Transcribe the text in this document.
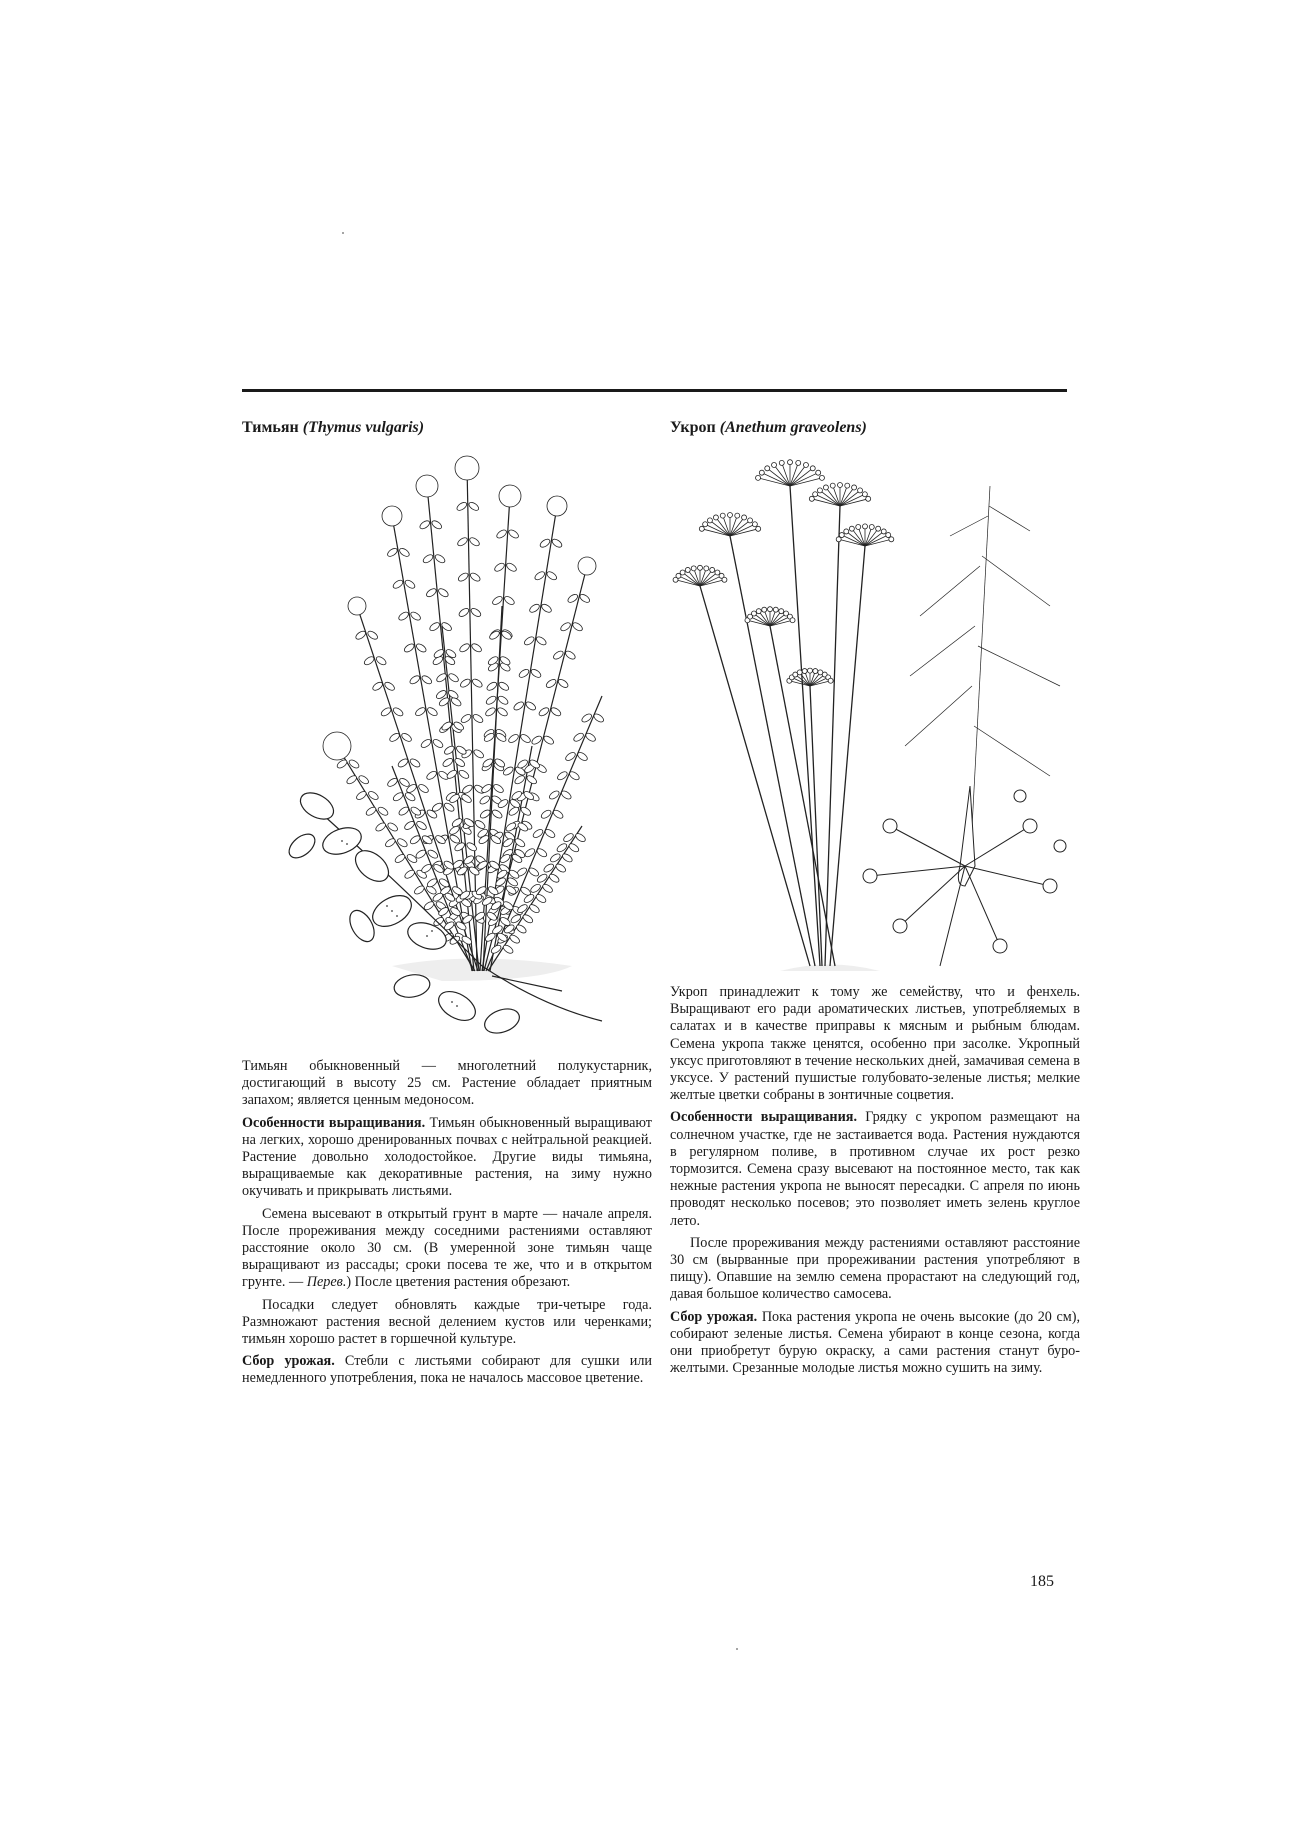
Тимьян (Thymus vulgaris)

Тимьян обыкновенный — многолетний полукустарник, достигающий в высоту 25 см. Растение обладает приятным запахом; является ценным медоносом.

Особенности выращивания. Тимьян обыкновенный выращивают на легких, хорошо дренированных почвах с нейтральной реакцией. Растение довольно холодостойкое. Другие виды тимьяна, выращиваемые как декоративные растения, на зиму нужно окучивать и прикрывать листьями.

Семена высевают в открытый грунт в марте — начале апреля. После прореживания между соседними растениями оставляют расстояние около 30 см. (В умеренной зоне тимьян чаще выращивают из рассады; сроки посева те же, что и в открытом грунте. — Перев.) После цветения растения обрезают.

Посадки следует обновлять каждые три-четыре года. Размножают растения весной делением кустов или черенками; тимьян хорошо растет в горшечной культуре.

Сбор урожая. Стебли с листьями собирают для сушки или немедленного употребления, пока не началось массовое цветение.

Укроп (Anethum graveolens)

Укроп принадлежит к тому же семейству, что и фенхель. Выращивают его ради ароматических листьев, употребляемых в салатах и в качестве приправы к мясным и рыбным блюдам. Семена укропа также ценятся, особенно при засолке. Укропный уксус приготовляют в течение нескольких дней, замачивая семена в уксусе. У растений пушистые голубовато-зеленые листья; мелкие желтые цветки собраны в зонтичные соцветия.

Особенности выращивания. Грядку с укропом размещают на солнечном участке, где не застаивается вода. Растения нуждаются в регулярном поливе, в противном случае их рост резко тормозится. Семена сразу высевают на постоянное место, так как нежные растения укропа не выносят пересадки. С апреля по июнь проводят несколько посевов; это позволяет иметь зелень круглое лето.

После прореживания между растениями оставляют расстояние 30 см (вырванные при прореживании растения употребляют в пищу). Опавшие на землю семена прорастают на следующий год, давая большое количество самосева.

Сбор урожая. Пока растения укропа не очень высокие (до 20 см), собирают зеленые листья. Семена убирают в конце сезона, когда они приобретут бурую окраску, а сами растения станут буро-желтыми. Срезанные молодые листья можно сушить на зиму.

185
